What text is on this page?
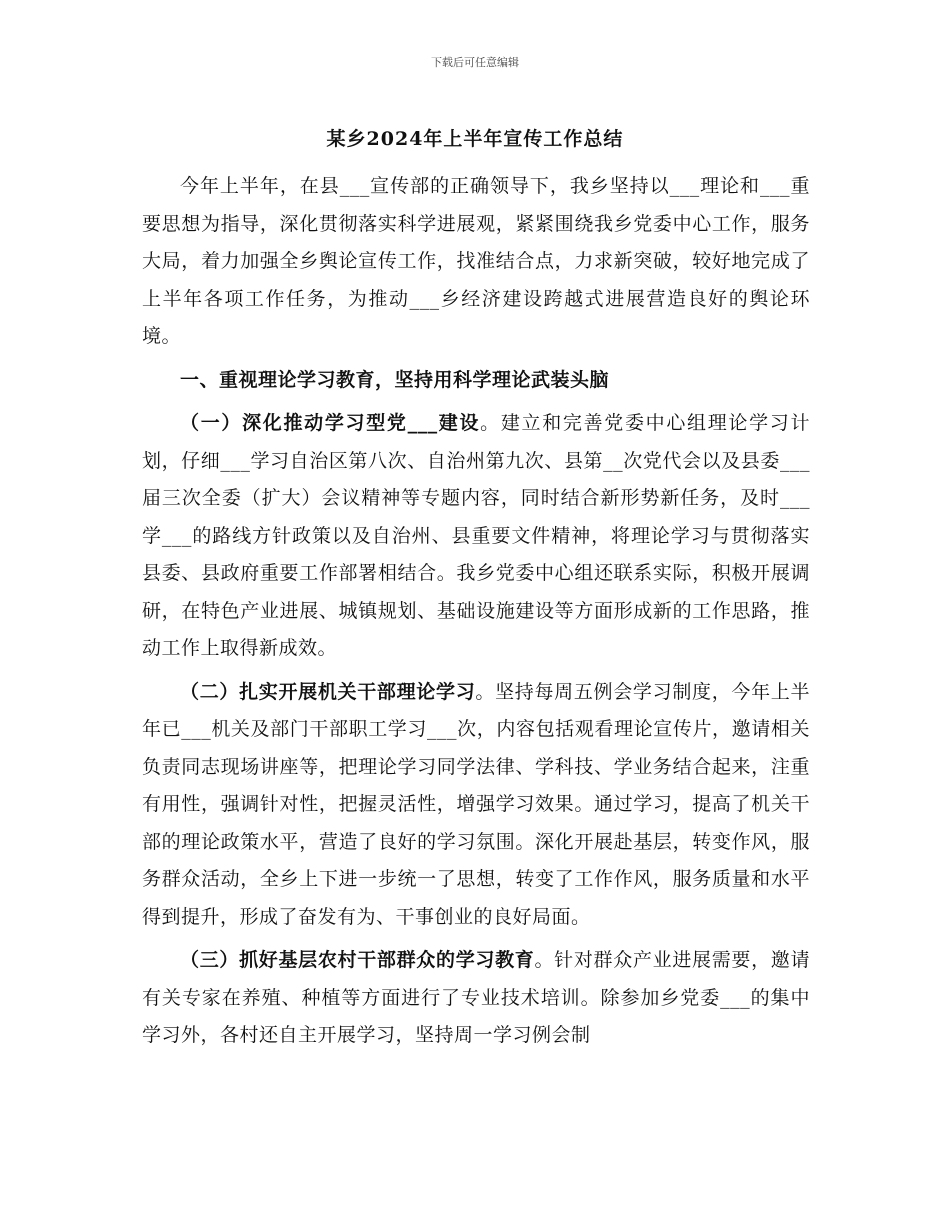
下载后可任意编辑
某乡2024年上半年宣传工作总结

今年上半年，在县___宣传部的正确领导下，我乡坚持以___理论和___重要思想为指导，深化贯彻落实科学进展观，紧紧围绕我乡党委中心工作，服务大局，着力加强全乡舆论宣传工作，找准结合点，力求新突破，较好地完成了上半年各项工作任务，为推动___乡经济建设跨越式进展营造良好的舆论环境。

一、重视理论学习教育，坚持用科学理论武装头脑

（一）深化推动学习型党___建设。建立和完善党委中心组理论学习计划，仔细___学习自治区第八次、自治州第九次、县第__次党代会以及县委___届三次全委（扩大）会议精神等专题内容，同时结合新形势新任务，及时___学___的路线方针政策以及自治州、县重要文件精神，将理论学习与贯彻落实县委、县政府重要工作部署相结合。我乡党委中心组还联系实际，积极开展调研，在特色产业进展、城镇规划、基础设施建设等方面形成新的工作思路，推动工作上取得新成效。

（二）扎实开展机关干部理论学习。坚持每周五例会学习制度，今年上半年已___机关及部门干部职工学习___次，内容包括观看理论宣传片，邀请相关负责同志现场讲座等，把理论学习同学法律、学科技、学业务结合起来，注重有用性，强调针对性，把握灵活性，增强学习效果。通过学习，提高了机关干部的理论政策水平，营造了良好的学习氛围。深化开展赴基层，转变作风，服务群众活动，全乡上下进一步统一了思想，转变了工作作风，服务质量和水平得到提升，形成了奋发有为、干事创业的良好局面。

（三）抓好基层农村干部群众的学习教育。针对群众产业进展需要，邀请有关专家在养殖、种植等方面进行了专业技术培训。除参加乡党委___的集中学习外，各村还自主开展学习，坚持周一学习例会制
